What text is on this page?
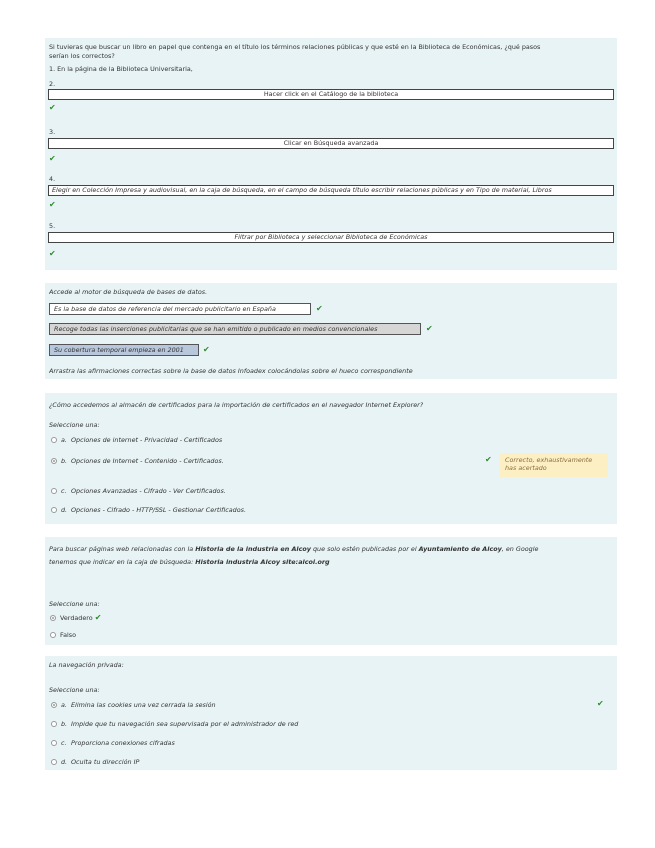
Si tuvieras que buscar un libro en papel que contenga en el título los términos relaciones públicas y que esté en la Biblioteca de Económicas, ¿qué pasos
serían los correctos?
1. En la página de la Biblioteca Universitaria,
2.
Hacer click en el Catálogo de la biblioteca
✔
3.
Clicar en Búsqueda avanzada
✔
4.
Elegir en Colección Impresa y audiovisual, en la caja de búsqueda, en el campo de búsqueda título escribir relaciones públicas y en Tipo de material, Libros
✔
5.
Filtrar por Biblioteca y seleccionar Biblioteca de Económicas
✔
Accede al motor de búsqueda de bases de datos.
Es la base de datos de referencia del mercado publicitario en España	✔
Recoge todas las inserciones publicitarias que se han emitido o publicado en medios convencionales	✔
Su cobertura temporal empieza en 2001	✔
Arrastra las afirmaciones correctas sobre la base de datos Infoadex colocándolas sobre el hueco correspondiente
¿Cómo accedemos al almacén de certificados para la importación de certificados en el navegador Internet Explorer?
Seleccione una:
a. Opciones de internet - Privacidad - Certificados
b. Opciones de Internet - Contenido - Certificados.	✔	Correcto, exhaustivamente has acertado
c. Opciones Avanzadas - Cifrado - Ver Certificados.
d. Opciones - Cifrado - HTTP/SSL - Gestionar Certificados.
Para buscar páginas web relacionadas con la Historia de la industria en Alcoy que solo estén publicadas por el Ayuntamiento de Alcoy, en Google
tenemos que indicar en la caja de búsqueda: Historia industria Alcoy site:alcoi.org
Seleccione una:
Verdadero ✔
Falso
La navegación privada:
Seleccione una:
a. Elimina las cookies una vez cerrada la sesión	✔
b. Impide que tu navegación sea supervisada por el administrador de red
c. Proporciona conexiones cifradas
d. Oculta tu dirección IP
